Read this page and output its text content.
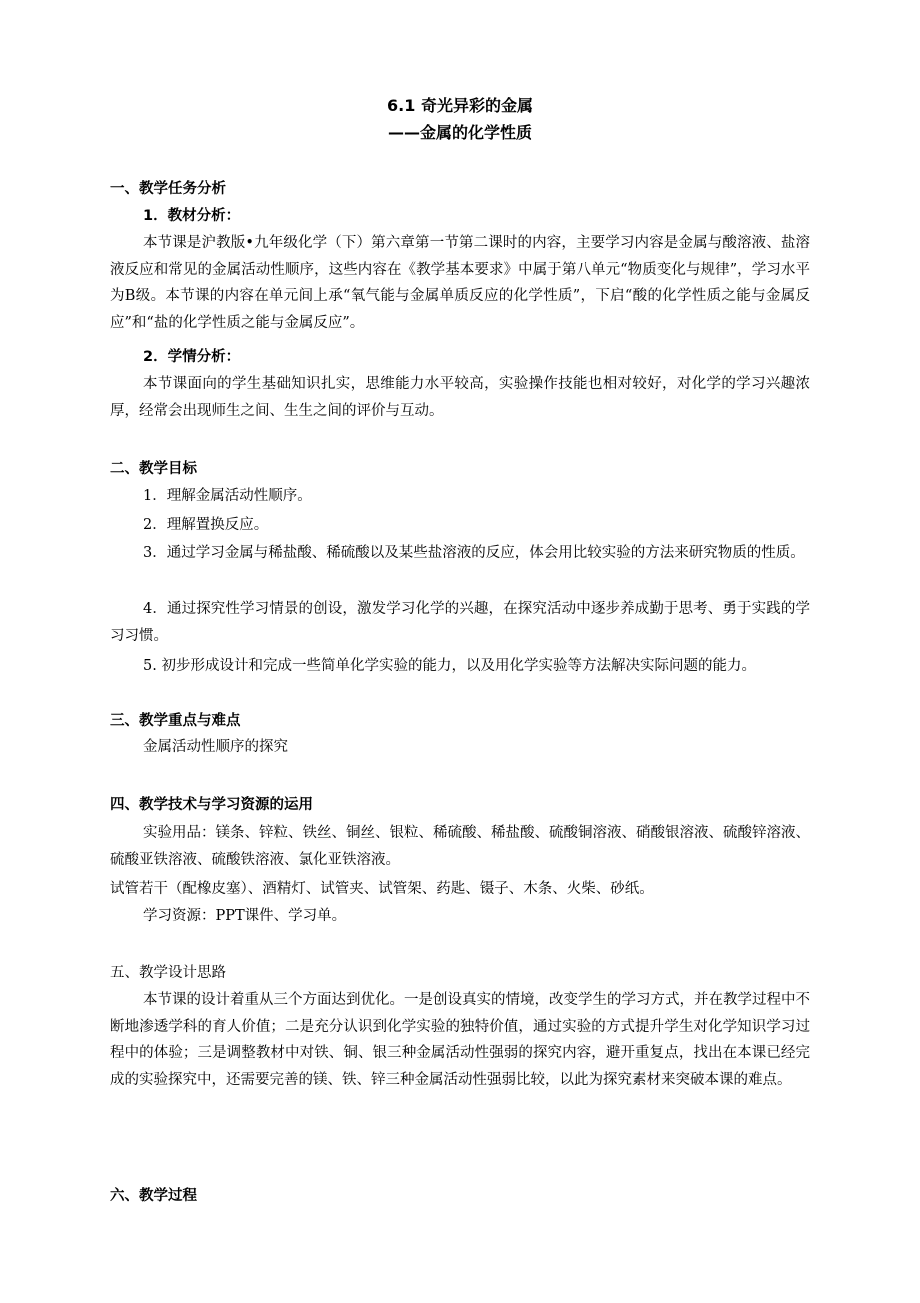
6.1 奇光异彩的金属
——金属的化学性质
一、教学任务分析
1．教材分析：

本节课是沪教版•九年级化学（下）第六章第一节第二课时的内容，主要学习内容是金属与酸溶液、盐溶液反应和常见的金属活动性顺序，这些内容在《教学基本要求》中属于第八单元“物质变化与规律”，学习水平为B级。本节课的内容在单元间上承“氧气能与金属单质反应的化学性质”，下启“酸的化学性质之能与金属反应”和“盐的化学性质之能与金属反应”。

2．学情分析：

本节课面向的学生基础知识扎实，思维能力水平较高，实验操作技能也相对较好，对化学的学习兴趣浓厚，经常会出现师生之间、生生之间的评价与互动。

二、教学目标
1．理解金属活动性顺序。
2．理解置换反应。
3．通过学习金属与稀盐酸、稀硫酸以及某些盐溶液的反应，体会用比较实验的方法来研究物质的性质。
4．通过探究性学习情景的创设，激发学习化学的兴趣，在探究活动中逐步养成勤于思考、勇于实践的学习习惯。
5. 初步形成设计和完成一些简单化学实验的能力，以及用化学实验等方法解决实际问题的能力。
三、教学重点与难点

金属活动性顺序的探究

四、教学技术与学习资源的运用

实验用品：镁条、锌粒、铁丝、铜丝、银粒、稀硫酸、稀盐酸、硫酸铜溶液、硝酸银溶液、硫酸锌溶液、硫酸亚铁溶液、硫酸铁溶液、氯化亚铁溶液。

试管若干（配橡皮塞）、酒精灯、试管夹、试管架、药匙、镊子、木条、火柴、砂纸。

学习资源：PPT课件、学习单。

五、教学设计思路

本节课的设计着重从三个方面达到优化。一是创设真实的情境，改变学生的学习方式，并在教学过程中不断地渗透学科的育人价值；二是充分认识到化学实验的独特价值，通过实验的方式提升学生对化学知识学习过程中的体验；三是调整教材中对铁、铜、银三种金属活动性强弱的探究内容，避开重复点，找出在本课已经完成的实验探究中，还需要完善的镁、铁、锌三种金属活动性强弱比较，以此为探究素材来突破本课的难点。

六、教学过程
